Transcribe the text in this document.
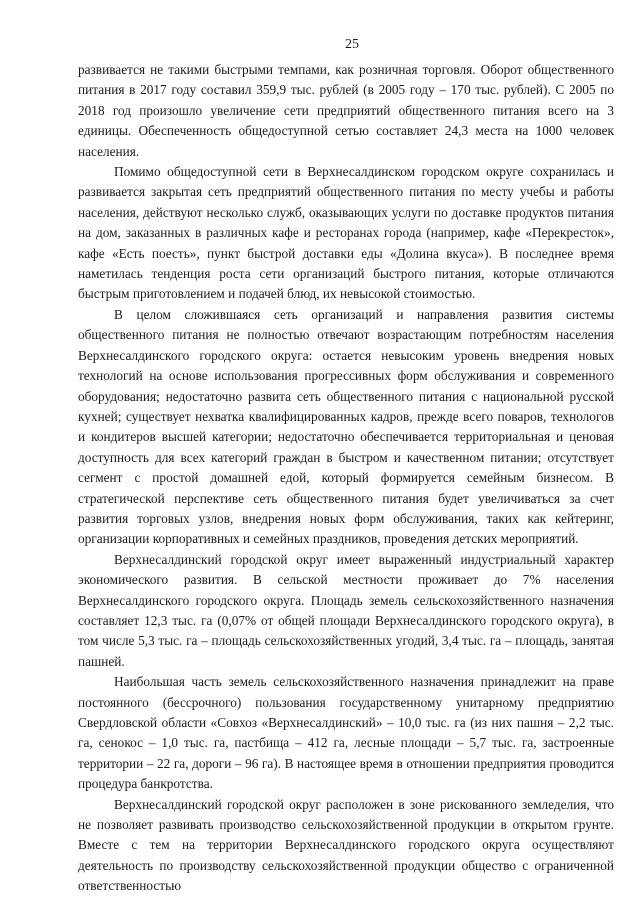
25

развивается не такими быстрыми темпами, как розничная торговля. Оборот общественного питания в 2017 году составил 359,9 тыс. рублей (в 2005 году – 170 тыс. рублей). С 2005 по 2018 год произошло увеличение сети предприятий общественного питания всего на 3 единицы. Обеспеченность общедоступной сетью составляет 24,3 места на 1000 человек населения.

Помимо общедоступной сети в Верхнесалдинском городском округе сохранилась и развивается закрытая сеть предприятий общественного питания по месту учебы и работы населения, действуют несколько служб, оказывающих услуги по доставке продуктов питания на дом, заказанных в различных кафе и ресторанах города (например, кафе «Перекресток», кафе «Есть поесть», пункт быстрой доставки еды «Долина вкуса»). В последнее время наметилась тенденция роста сети организаций быстрого питания, которые отличаются быстрым приготовлением и подачей блюд, их невысокой стоимостью.

В целом сложившаяся сеть организаций и направления развития системы общественного питания не полностью отвечают возрастающим потребностям населения Верхнесалдинского городского округа: остается невысоким уровень внедрения новых технологий на основе использования прогрессивных форм обслуживания и современного оборудования; недостаточно развита сеть общественного питания с национальной русской кухней; существует нехватка квалифицированных кадров, прежде всего поваров, технологов и кондитеров высшей категории; недостаточно обеспечивается территориальная и ценовая доступность для всех категорий граждан в быстром и качественном питании; отсутствует сегмент с простой домашней едой, который формируется семейным бизнесом. В стратегической перспективе сеть общественного питания будет увеличиваться за счет развития торговых узлов, внедрения новых форм обслуживания, таких как кейтеринг, организации корпоративных и семейных праздников, проведения детских мероприятий.

Верхнесалдинский городской округ имеет выраженный индустриальный характер экономического развития. В сельской местности проживает до 7% населения Верхнесалдинского городского округа. Площадь земель сельскохозяйственного назначения составляет 12,3 тыс. га (0,07% от общей площади Верхнесалдинского городского округа), в том числе 5,3 тыс. га – площадь сельскохозяйственных угодий, 3,4 тыс. га – площадь, занятая пашней.

Наибольшая часть земель сельскохозяйственного назначения принадлежит на праве постоянного (бессрочного) пользования государственному унитарному предприятию Свердловской области «Совхоз «Верхнесалдинский» – 10,0 тыс. га (из них пашня – 2,2 тыс. га, сенокос – 1,0 тыс. га, пастбища – 412 га, лесные площади – 5,7 тыс. га, застроенные территории – 22 га, дороги – 96 га). В настоящее время в отношении предприятия проводится процедура банкротства.

Верхнесалдинский городской округ расположен в зоне рискованного земледелия, что не позволяет развивать производство сельскохозяйственной продукции в открытом грунте. Вместе с тем на территории Верхнесалдинского городского округа осуществляют деятельность по производству сельскохозяйственной продукции общество с ограниченной ответственностью
